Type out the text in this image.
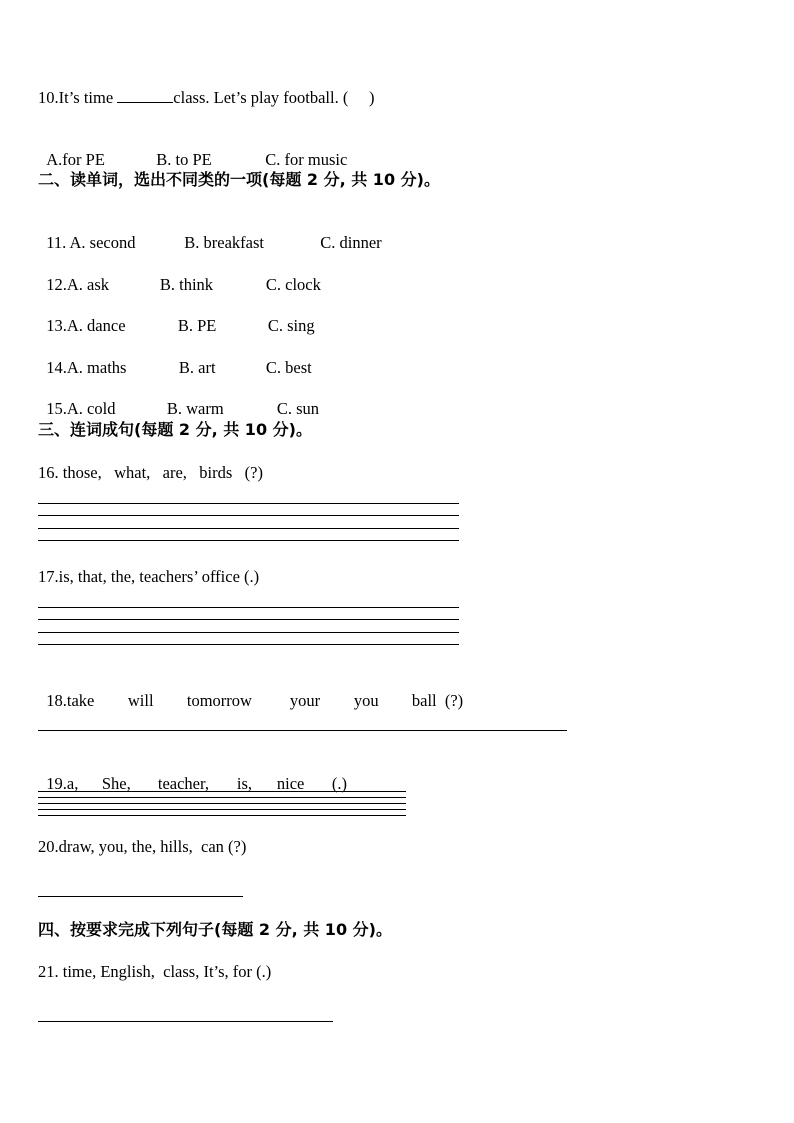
10.It’s time	class. Let’s play football. (     )

A.for PE	B. to PE	C. for music

二、读单词，选出不同类的一项(每题 2 分, 共 10 分)。

11. A. second	B. breakfast	C. dinner

12.A. ask	B. think	C. clock

13.A. dance	B. PE	C. sing

14.A. maths	B. art	C. best

15.A. cold	B. warm	C. sun

三、连词成句(每题 2 分, 共 10 分)。
16. those,   what,   are,   birds   (?)
17.is, that, the, teachers’ office (.)

18.take will tomorrow your you ball  (?)

19.a, She, teacher, is, nice (.)

20.draw, you, the, hills,  can (?)
四、按要求完成下列句子(每题 2 分, 共 10 分)。
21. time, English,  class, It’s, for (.)
